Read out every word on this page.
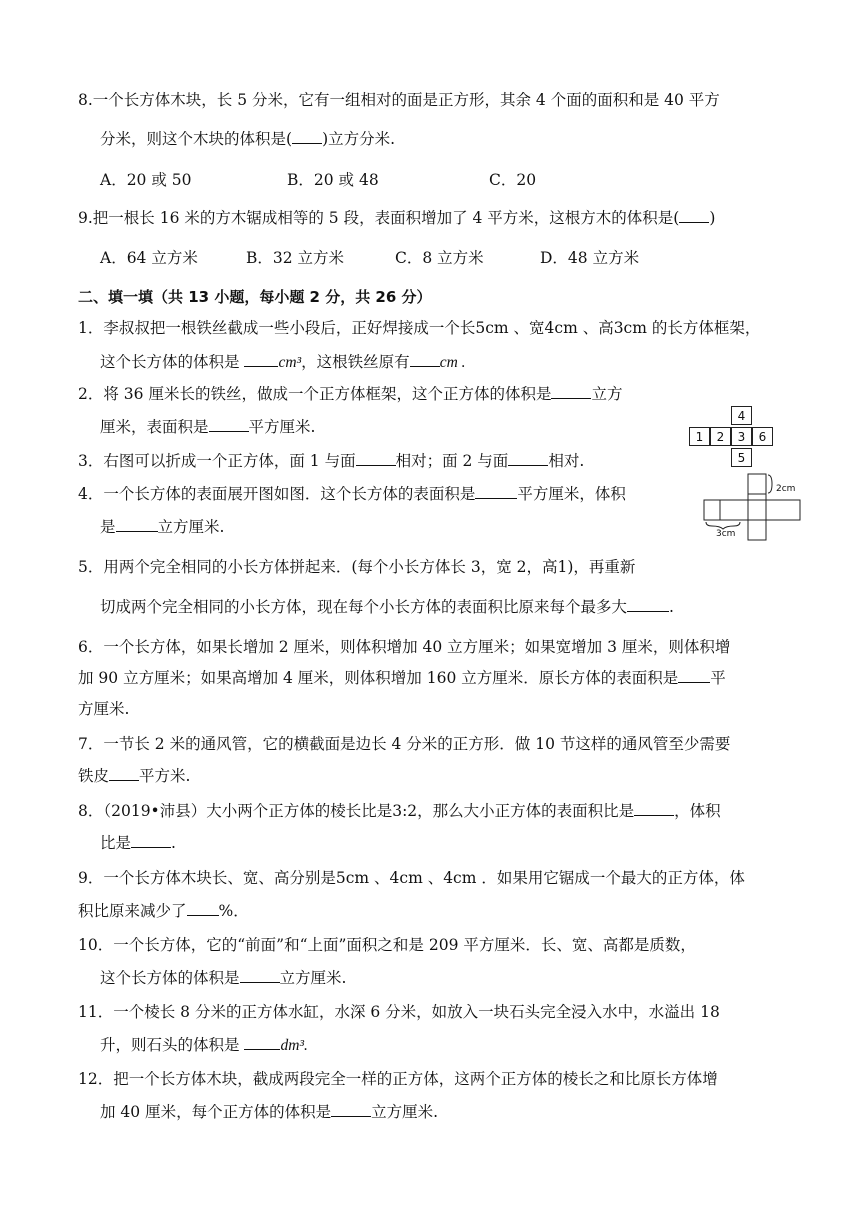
8.一个长方体木块，长 5 分米，它有一组相对的面是正方形，其余 4 个面的面积和是 40 平方
分米，则这个木块的体积是( )立方分米.
A．20 或 50	B．20 或 48	C．20
9.把一根长 16 米的方木锯成相等的 5 段，表面积增加了 4 平方米，这根方木的体积是( )
A．64 立方米	B．32 立方米	C．8 立方米	D．48 立方米
二、填一填（共 13 小题，每小题 2 分，共 26 分）
1．李叔叔把一根铁丝截成一些小段后，正好焊接成一个长5cm 、宽4cm 、高3cm 的长方体框架，
这个长方体的体积是 cm³，这根铁丝原有 cm .
2．将 36 厘米长的铁丝，做成一个正方体框架，这个正方体的体积是	立方
厘米，表面积是	平方厘米.
3．右图可以折成一个正方体，面 1 与面	相对；面 2 与面	相对.
4．一个长方体的表面展开图如图．这个长方体的表面积是	平方厘米，体积
是	立方厘米.
5．用两个完全相同的小长方体拼起来．(每个小长方体长 3，宽 2，高1)，再重新
切成两个完全相同的小长方体，现在每个小长方体的表面积比原来每个最多大	.
6．一个长方体，如果长增加 2 厘米，则体积增加 40 立方厘米；如果宽增加 3 厘米，则体积增
加 90 立方厘米；如果高增加 4 厘米，则体积增加 160 立方厘米．原长方体的表面积是 平
方厘米.
7．一节长 2 米的通风管，它的横截面是边长 4 分米的正方形．做 10 节这样的通风管至少需要
铁皮 平方米.
8．（2019•沛县）大小两个正方体的棱长比是3:2，那么大小正方体的表面积比是	，体积
比是	.
9．一个长方体木块长、宽、高分别是5cm 、4cm 、4cm ．如果用它锯成一个最大的正方体，体
积比原来减少了 %．
10．一个长方体，它的“前面”和“上面”面积之和是 209 平方厘米．长、宽、高都是质数，
这个长方体的体积是	立方厘米.
11．一个棱长 8 分米的正方体水缸，水深 6 分米，如放入一块石头完全浸入水中，水溢出 18
升，则石头的体积是 dm³.
12．把一个长方体木块，截成两段完全一样的正方体，这两个正方体的棱长之和比原长方体增
加 40 厘米，每个正方体的体积是	立方厘米.
4
1	2	3	6
5
2cm
3cm
